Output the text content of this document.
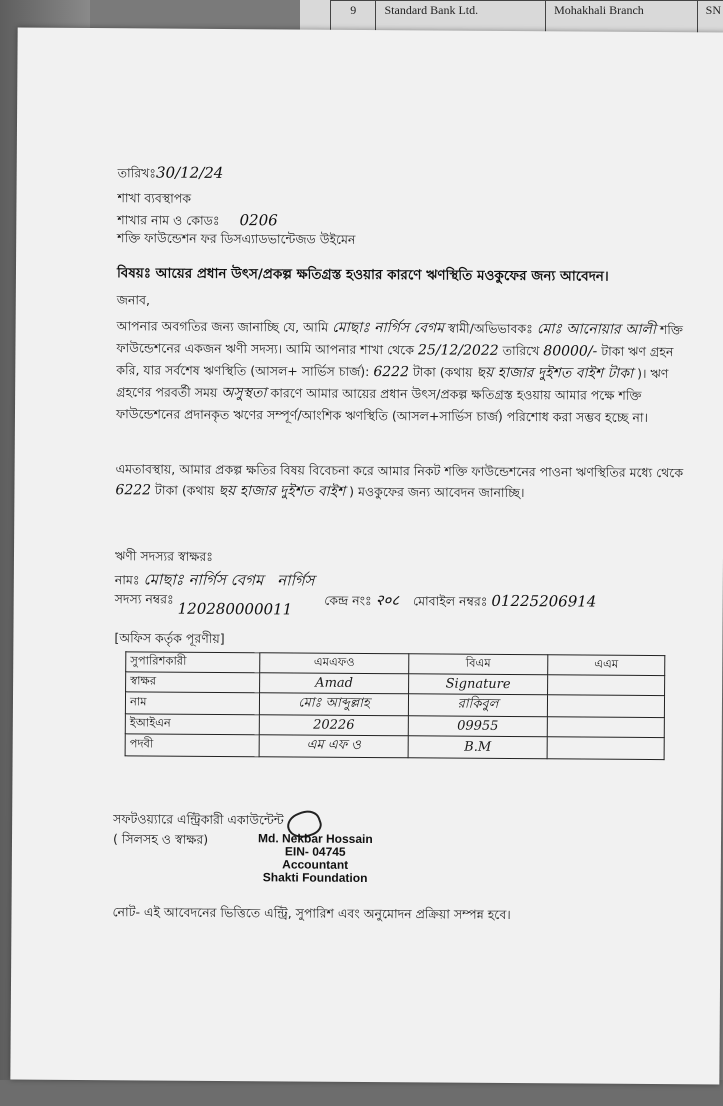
9	Standard Bank Ltd.	Mohakhali Branch	SN
তারিখঃ30/12/24
শাখা ব্যবস্থাপক
শাখার নাম ও কোডঃ 0206
শক্তি ফাউন্ডেশন ফর ডিসএ্যাডভান্টেজড উইমেন
বিষয়ঃ আয়ের প্রধান উৎস/প্রকল্প ক্ষতিগ্রস্ত হওয়ার কারণে ঋণস্থিতি মওকুফের জন্য আবেদন।
জনাব,
আপনার অবগতির জন্য জানাচ্ছি যে, আমি মোছাঃ নার্গিস বেগম স্বামী/অভিভাবকঃ মোঃ আনোয়ার আলী শক্তি ফাউন্ডেশনের একজন ঋণী সদস্য। আমি আপনার শাখা থেকে 25/12/2022 তারিখে 80000/- টাকা ঋণ গ্রহন করি, যার সর্বশেষ ঋণস্থিতি (আসল+ সার্ভিস চার্জ): 6222 টাকা (কথায় ছয় হাজার দুইশত বাইশ টাকা )। ঋণ গ্রহণের পরবর্তী সময় অসুস্থতা কারণে আমার আয়ের প্রধান উৎস/প্রকল্প ক্ষতিগ্রস্ত হওয়ায় আমার পক্ষে শক্তি ফাউন্ডেশনের প্রদানকৃত ঋণের সম্পূর্ণ/আংশিক ঋণস্থিতি (আসল+সার্ভিস চার্জ) পরিশোধ করা সম্ভব হচ্ছে না।
এমতাবস্থায়, আমার প্রকল্প ক্ষতির বিষয় বিবেচনা করে আমার নিকট শক্তি ফাউন্ডেশনের পাওনা ঋণস্থিতির মধ্যে থেকে 6222 টাকা (কথায় ছয় হাজার দুইশত বাইশ ) মওকুফের জন্য আবেদন জানাচ্ছি।
ঋণী সদস্যর স্বাক্ষরঃ
নামঃ মোছাঃ নার্গিস বেগম নার্গিস
সদস্য নম্বরঃ 120280000011	কেন্দ্র নংঃ २०८ মোবাইল নম্বরঃ 01225206914
[অফিস কর্তৃক পূরণীয়]
সুপারিশকারী	এমএফও	বিএম	এএম
স্বাক্ষর	Amad	Signature	
নাম	মোঃ আব্দুল্লাহ	রাকিবুল	
ইআইএন	20226	09955	
পদবী	এম এফ ও	B.M	
সফটওয়্যারে এন্ট্রিকারী একাউন্টেন্ট
( সিলসহ ও স্বাক্ষর)	Md. Nekbar Hossain
EIN- 04745
Accountant
Shakti Foundation
নোট- এই আবেদনের ভিত্তিতে এন্ট্রি, সুপারিশ এবং অনুমোদন প্রক্রিয়া সম্পন্ন হবে।
